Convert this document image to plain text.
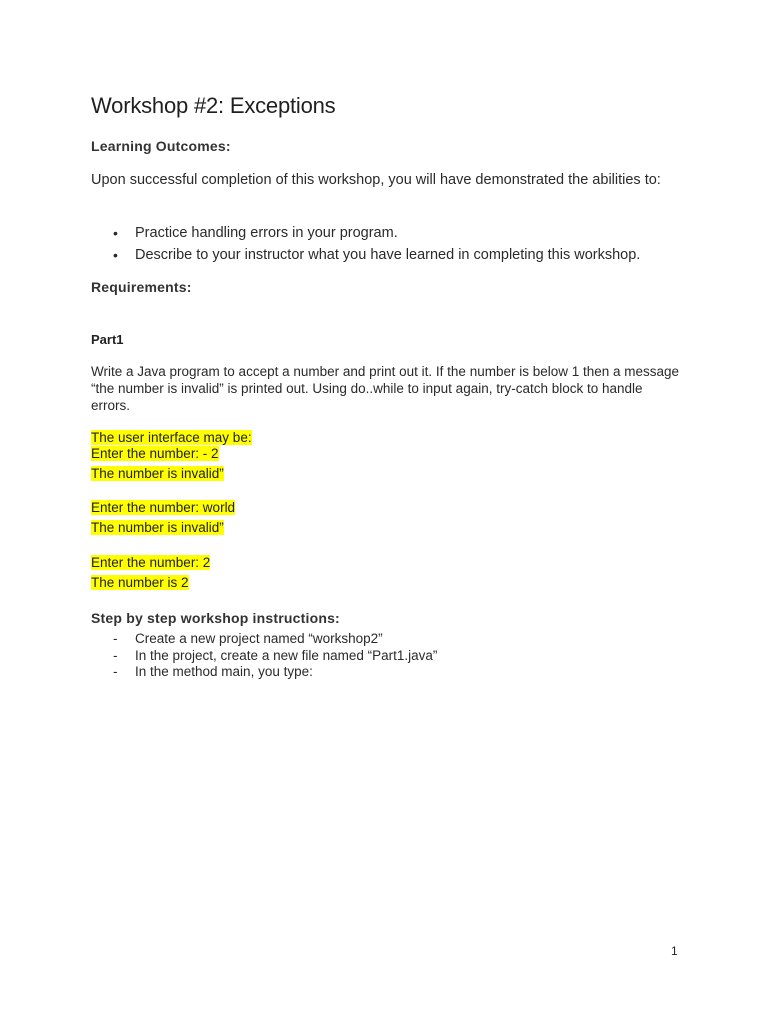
Workshop #2: Exceptions
Learning Outcomes:
Upon successful completion of this workshop, you will have demonstrated the abilities to:
• Practice handling errors in your program.
• Describe to your instructor what you have learned in completing this workshop.
Requirements:
Part1
Write a Java program to accept a number and print out it. If the number is below 1 then a message “the number is invalid” is printed out. Using do..while to input again, try-catch block to handle errors.
The user interface may be:
Enter the number: - 2
The number is invalid”
Enter the number: world
The number is invalid”
Enter the number: 2
The number is 2
Step by step workshop instructions:
- Create a new project named “workshop2”
- In the project, create a new file named “Part1.java”
- In the method main, you type:
1
